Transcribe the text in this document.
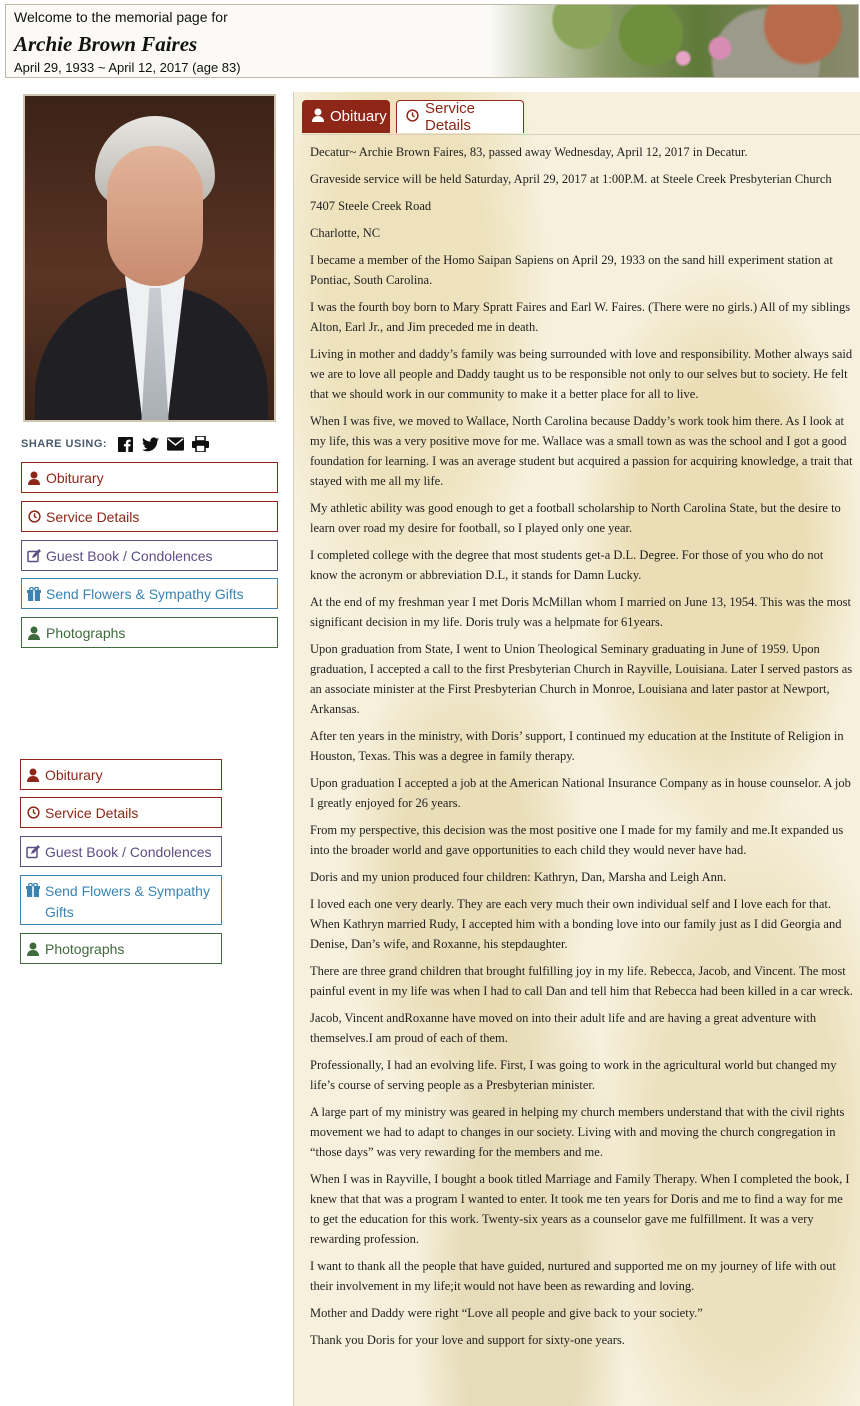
Welcome to the memorial page for
Archie Brown Faires
April 29, 1933 ~ April 12, 2017 (age 83)
SHARE USING:
Obiturary
Service Details
Guest Book / Condolences
Send Flowers & Sympathy Gifts
Photographs
Obiturary
Service Details
Guest Book / Condolences
Send Flowers & Sympathy Gifts
Photographs
Obituary	Service Details

Decatur~ Archie Brown Faires, 83, passed away Wednesday, April 12, 2017 in Decatur.

Graveside service will be held Saturday, April 29, 2017 at 1:00P.M. at Steele Creek Presbyterian Church

7407 Steele Creek Road

Charlotte, NC

I became a member of the Homo Saipan Sapiens on April 29, 1933 on the sand hill experiment station at Pontiac, South Carolina.

I was the fourth boy born to Mary Spratt Faires and Earl W. Faires. (There were no girls.) All of my siblings Alton, Earl Jr., and Jim preceded me in death.

Living in mother and daddy’s family was being surrounded with love and responsibility. Mother always said we are to love all people and Daddy taught us to be responsible not only to our selves but to society. He felt that we should work in our community to make it a better place for all to live.

When I was five, we moved to Wallace, North Carolina because Daddy’s work took him there. As I look at my life, this was a very positive move for me. Wallace was a small town as was the school and I got a good foundation for learning. I was an average student but acquired a passion for acquiring knowledge, a trait that stayed with me all my life.

My athletic ability was good enough to get a football scholarship to North Carolina State, but the desire to learn over road my desire for football, so I played only one year.

I completed college with the degree that most students get-a D.L. Degree. For those of you who do not know the acronym or abbreviation D.L, it stands for Damn Lucky.

At the end of my freshman year I met Doris McMillan whom I married on June 13, 1954. This was the most significant decision in my life. Doris truly was a helpmate for 61years.

Upon graduation from State, I went to Union Theological Seminary graduating in June of 1959. Upon graduation, I accepted a call to the first Presbyterian Church in Rayville, Louisiana. Later I served pastors as an associate minister at the First Presbyterian Church in Monroe, Louisiana and later pastor at Newport, Arkansas.

After ten years in the ministry, with Doris’ support, I continued my education at the Institute of Religion in Houston, Texas. This was a degree in family therapy.

Upon graduation I accepted a job at the American National Insurance Company as in house counselor. A job I greatly enjoyed for 26 years.

From my perspective, this decision was the most positive one I made for my family and me.It expanded us into the broader world and gave opportunities to each child they would never have had.

Doris and my union produced four children: Kathryn, Dan, Marsha and Leigh Ann.

I loved each one very dearly. They are each very much their own individual self and I love each for that. When Kathryn married Rudy, I accepted him with a bonding love into our family just as I did Georgia and Denise, Dan’s wife, and Roxanne, his stepdaughter.

There are three grand children that brought fulfilling joy in my life. Rebecca, Jacob, and Vincent. The most painful event in my life was when I had to call Dan and tell him that Rebecca had been killed in a car wreck.

Jacob, Vincent andRoxanne have moved on into their adult life and are having a great adventure with themselves.I am proud of each of them.

Professionally, I had an evolving life. First, I was going to work in the agricultural world but changed my life’s course of serving people as a Presbyterian minister.

A large part of my ministry was geared in helping my church members understand that with the civil rights movement we had to adapt to changes in our society. Living with and moving the church congregation in “those days” was very rewarding for the members and me.

When I was in Rayville, I bought a book titled Marriage and Family Therapy. When I completed the book, I knew that that was a program I wanted to enter. It took me ten years for Doris and me to find a way for me to get the education for this work. Twenty-six years as a counselor gave me fulfillment. It was a very rewarding profession.

I want to thank all the people that have guided, nurtured and supported me on my journey of life with out their involvement in my life;it would not have been as rewarding and loving.

Mother and Daddy were right “Love all people and give back to your society.”

Thank you Doris for your love and support for sixty-one years.
